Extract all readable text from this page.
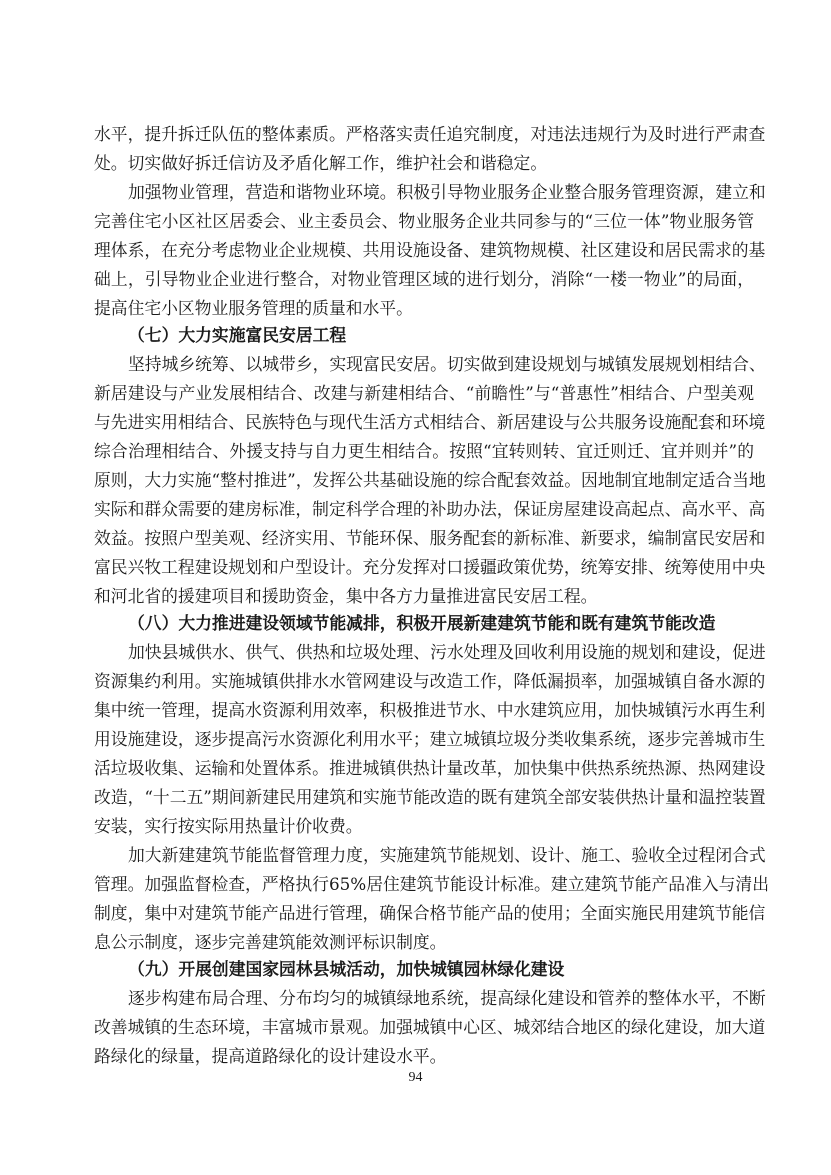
水平，提升拆迁队伍的整体素质。严格落实责任追究制度，对违法违规行为及时进行严肃查
处。切实做好拆迁信访及矛盾化解工作，维护社会和谐稳定。
加强物业管理，营造和谐物业环境。积极引导物业服务企业整合服务管理资源，建立和
完善住宅小区社区居委会、业主委员会、物业服务企业共同参与的“三位一体”物业服务管
理体系，在充分考虑物业企业规模、共用设施设备、建筑物规模、社区建设和居民需求的基
础上，引导物业企业进行整合，对物业管理区域的进行划分，消除“一楼一物业”的局面，
提高住宅小区物业服务管理的质量和水平。
（七）大力实施富民安居工程
坚持城乡统筹、以城带乡，实现富民安居。切实做到建设规划与城镇发展规划相结合、
新居建设与产业发展相结合、改建与新建相结合、“前瞻性”与“普惠性”相结合、户型美观
与先进实用相结合、民族特色与现代生活方式相结合、新居建设与公共服务设施配套和环境
综合治理相结合、外援支持与自力更生相结合。按照“宜转则转、宜迁则迁、宜并则并”的
原则，大力实施“整村推进”，发挥公共基础设施的综合配套效益。因地制宜地制定适合当地
实际和群众需要的建房标准，制定科学合理的补助办法，保证房屋建设高起点、高水平、高
效益。按照户型美观、经济实用、节能环保、服务配套的新标准、新要求，编制富民安居和
富民兴牧工程建设规划和户型设计。充分发挥对口援疆政策优势，统筹安排、统筹使用中央
和河北省的援建项目和援助资金，集中各方力量推进富民安居工程。
（八）大力推进建设领域节能减排，积极开展新建建筑节能和既有建筑节能改造
加快县城供水、供气、供热和垃圾处理、污水处理及回收利用设施的规划和建设，促进
资源集约利用。实施城镇供排水水管网建设与改造工作，降低漏损率，加强城镇自备水源的
集中统一管理，提高水资源利用效率，积极推进节水、中水建筑应用，加快城镇污水再生利
用设施建设，逐步提高污水资源化利用水平；建立城镇垃圾分类收集系统，逐步完善城市生
活垃圾收集、运输和处置体系。推进城镇供热计量改革，加快集中供热系统热源、热网建设
改造，“十二五”期间新建民用建筑和实施节能改造的既有建筑全部安装供热计量和温控装置
安装，实行按实际用热量计价收费。
加大新建建筑节能监督管理力度，实施建筑节能规划、设计、施工、验收全过程闭合式
管理。加强监督检查，严格执行65%居住建筑节能设计标准。建立建筑节能产品准入与清出
制度，集中对建筑节能产品进行管理，确保合格节能产品的使用；全面实施民用建筑节能信
息公示制度，逐步完善建筑能效测评标识制度。
（九）开展创建国家园林县城活动，加快城镇园林绿化建设
逐步构建布局合理、分布均匀的城镇绿地系统，提高绿化建设和管养的整体水平，不断
改善城镇的生态环境，丰富城市景观。加强城镇中心区、城郊结合地区的绿化建设，加大道
路绿化的绿量，提高道路绿化的设计建设水平。
94
